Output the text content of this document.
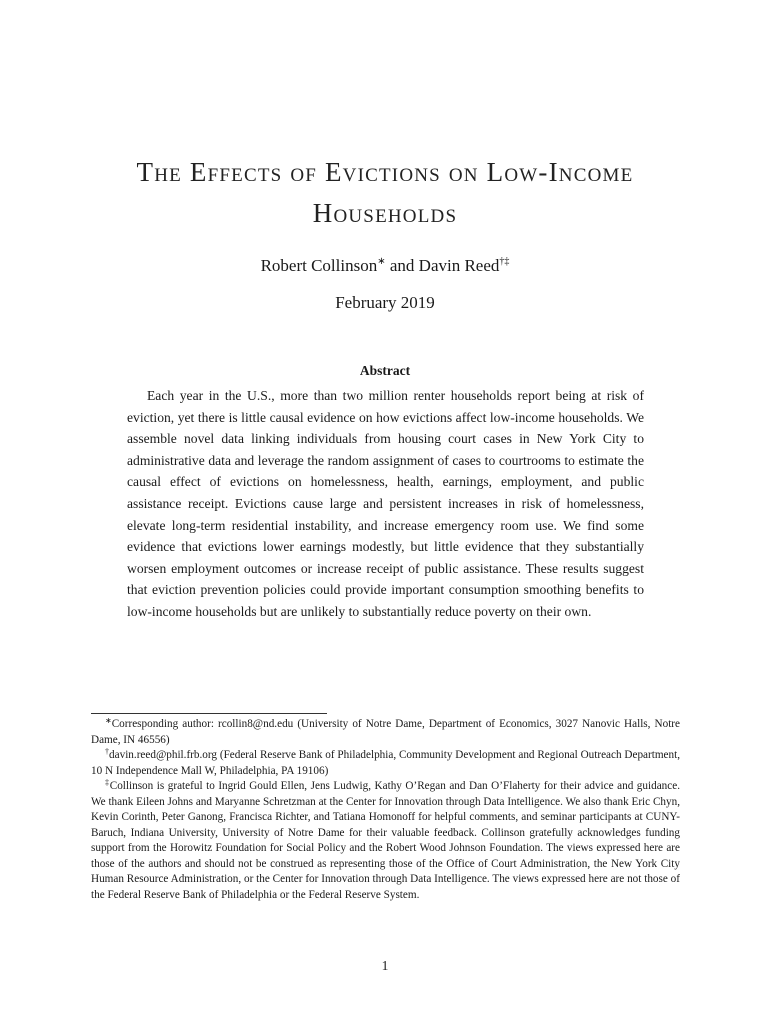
The Effects of Evictions on Low-Income Households
Robert Collinson∗ and Davin Reed†‡
February 2019
Abstract
Each year in the U.S., more than two million renter households report being at risk of eviction, yet there is little causal evidence on how evictions affect low-income households. We assemble novel data linking individuals from housing court cases in New York City to administrative data and leverage the random assignment of cases to courtrooms to estimate the causal effect of evictions on homelessness, health, earnings, employment, and public assistance receipt. Evictions cause large and persistent increases in risk of homelessness, elevate long-term residential instability, and increase emergency room use. We find some evidence that evictions lower earnings modestly, but little evidence that they substantially worsen employment outcomes or increase receipt of public assistance. These results suggest that eviction prevention policies could provide important consumption smoothing benefits to low-income households but are unlikely to substantially reduce poverty on their own.

∗Corresponding author: rcollin8@nd.edu (University of Notre Dame, Department of Economics, 3027 Nanovic Halls, Notre Dame, IN 46556)

†davin.reed@phil.frb.org (Federal Reserve Bank of Philadelphia, Community Development and Regional Outreach Department, 10 N Independence Mall W, Philadelphia, PA 19106)

‡Collinson is grateful to Ingrid Gould Ellen, Jens Ludwig, Kathy O’Regan and Dan O’Flaherty for their advice and guidance. We thank Eileen Johns and Maryanne Schretzman at the Center for Innovation through Data Intelligence. We also thank Eric Chyn, Kevin Corinth, Peter Ganong, Francisca Richter, and Tatiana Homonoff for helpful comments, and seminar participants at CUNY-Baruch, Indiana University, University of Notre Dame for their valuable feedback. Collinson gratefully acknowledges funding support from the Horowitz Foundation for Social Policy and the Robert Wood Johnson Foundation. The views expressed here are those of the authors and should not be construed as representing those of the Office of Court Administration, the New York City Human Resource Administration, or the Center for Innovation through Data Intelligence. The views expressed here are not those of the Federal Reserve Bank of Philadelphia or the Federal Reserve System.

1
